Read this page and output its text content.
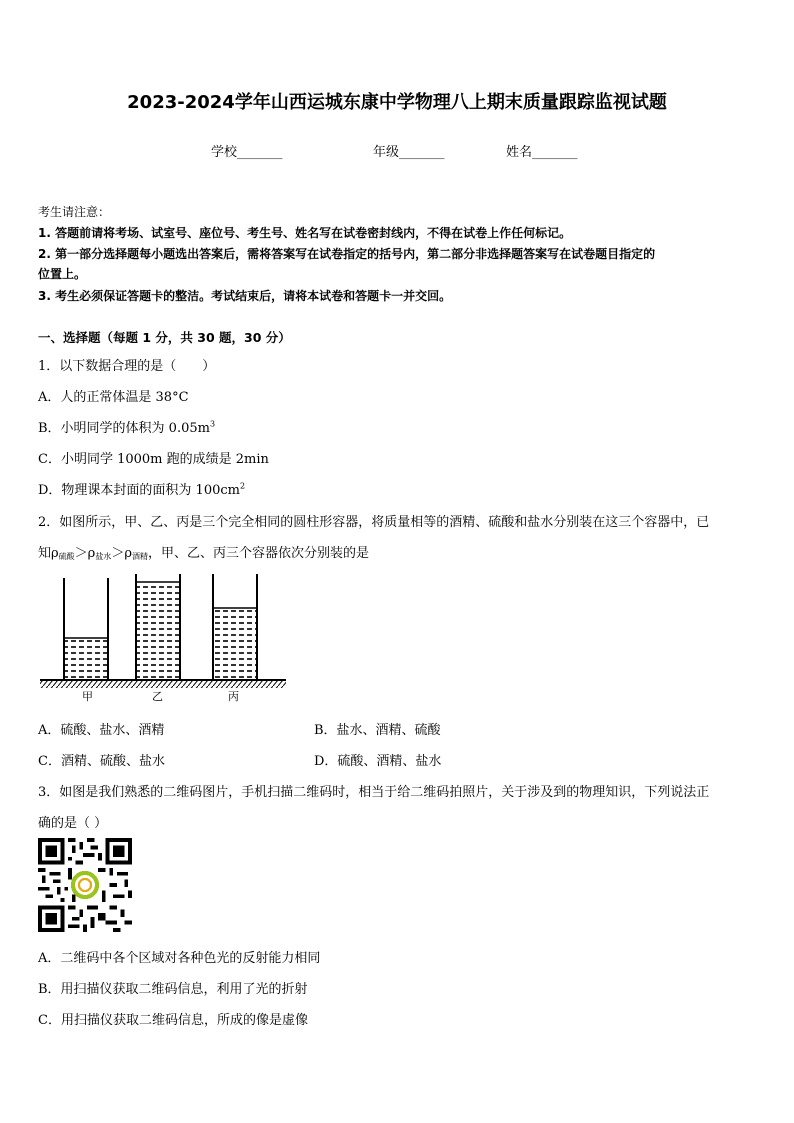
2023-2024学年山西运城东康中学物理八上期末质量跟踪监视试题
学校_______	年级_______	姓名_______
考生请注意：
1. 答题前请将考场、试室号、座位号、考生号、姓名写在试卷密封线内，不得在试卷上作任何标记。
2. 第一部分选择题每小题选出答案后，需将答案写在试卷指定的括号内，第二部分非选择题答案写在试卷题目指定的
位置上。
3. 考生必须保证答题卡的整洁。考试结束后，请将本试卷和答题卡一并交回。
一、选择题（每题 1 分，共 30 题，30 分）
1．以下数据合理的是（　　）
A．人的正常体温是 38°C
B．小明同学的体积为 $0.05m^3$
C．小明同学 1000m 跑的成绩是 2min
D．物理课本封面的面积为 $100cm^2$
2．如图所示，甲、乙、丙是三个完全相同的圆柱形容器，将质量相等的酒精、硫酸和盐水分别装在这三个容器中，已
知$\rho_{硫酸}>\rho_{盐水}>\rho_{酒精}$，甲、乙、丙三个容器依次分别装的是
甲	乙	丙
A．硫酸、盐水、酒精	B．盐水、酒精、硫酸
C．酒精、硫酸、盐水	D．硫酸、酒精、盐水
3．如图是我们熟悉的二维码图片，手机扫描二维码时，相当于给二维码拍照片，关于涉及到的物理知识，下列说法正
确的是（ ）
A．二维码中各个区域对各种色光的反射能力相同
B．用扫描仪获取二维码信息，利用了光的折射
C．用扫描仪获取二维码信息，所成的像是虚像
